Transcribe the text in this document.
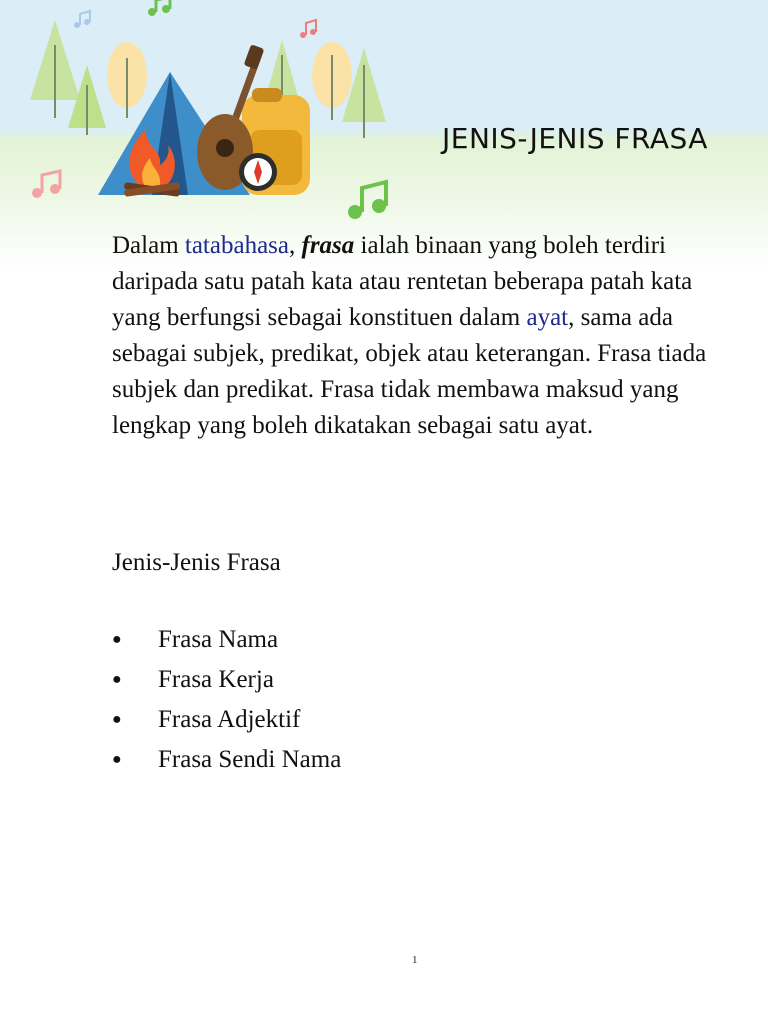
JENIS-JENIS FRASA
Dalam tatabahasa, frasa ialah binaan yang boleh terdiri daripada satu patah kata atau rentetan beberapa patah kata yang berfungsi sebagai konstituen dalam ayat, sama ada sebagai subjek, predikat, objek atau keterangan. Frasa tiada subjek dan predikat. Frasa tidak membawa maksud yang lengkap yang boleh dikatakan sebagai satu ayat.
Jenis-Jenis Frasa
●	Frasa Nama
●	Frasa Kerja
●	Frasa Adjektif
●	Frasa Sendi Nama
1
